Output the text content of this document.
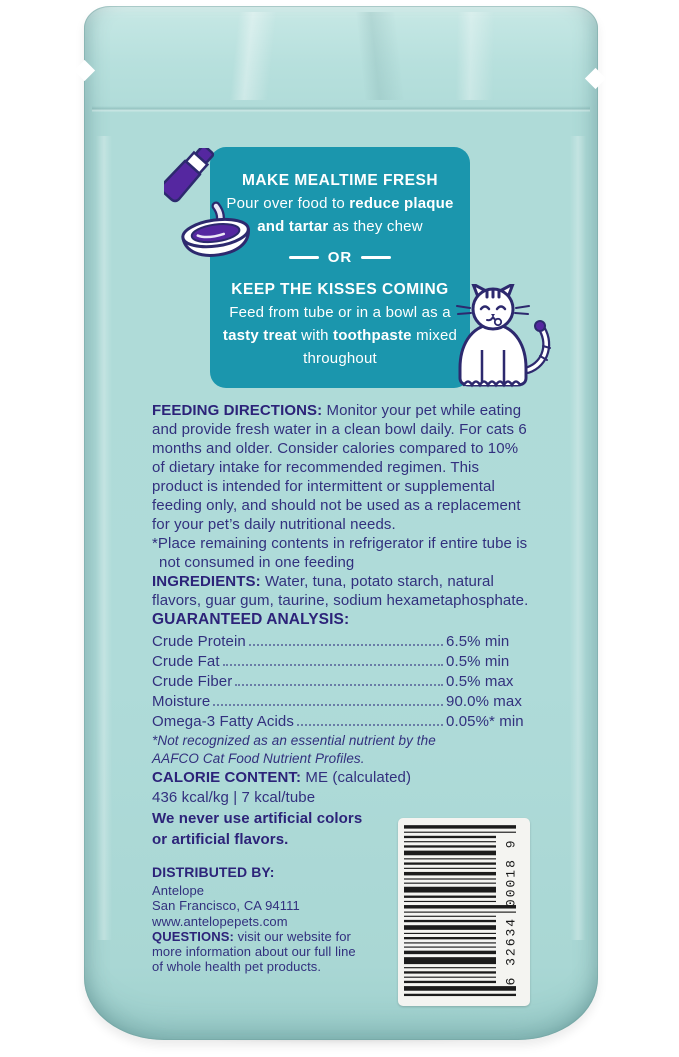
MAKE MEALTIME FRESH

Pour over food to reduce plaque and tartar as they chew

OR

KEEP THE KISSES COMING

Feed from tube or in a bowl as a tasty treat with toothpaste mixed throughout

FEEDING DIRECTIONS: Monitor your pet while eating and provide fresh water in a clean bowl daily. For cats 6 months and older. Consider calories compared to 10% of dietary intake for recommended regimen. This product is intended for intermittent or supplemental feeding only, and should not be used as a replacement for your pet’s daily nutritional needs.

*Place remaining contents in refrigerator if entire tube is not consumed in one feeding

INGREDIENTS: Water, tuna, potato starch, natural flavors, guar gum, taurine, sodium hexametaphosphate.

GUARANTEED ANALYSIS:

Crude Protein	6.5% min
Crude Fat	0.5% min
Crude Fiber	0.5% max
Moisture	90.0% max
Omega-3 Fatty Acids	0.05%* min

*Not recognized as an essential nutrient by the AAFCO Cat Food Nutrient Profiles.

CALORIE CONTENT: ME (calculated)
436 kcal/kg | 7 kcal/tube

We never use artificial colors or artificial flavors.

DISTRIBUTED BY:
Antelope
San Francisco, CA 94111
www.antelopepets.com

QUESTIONS: visit our website for more information about our full line of whole health pet products.	6 32634 00018 9
